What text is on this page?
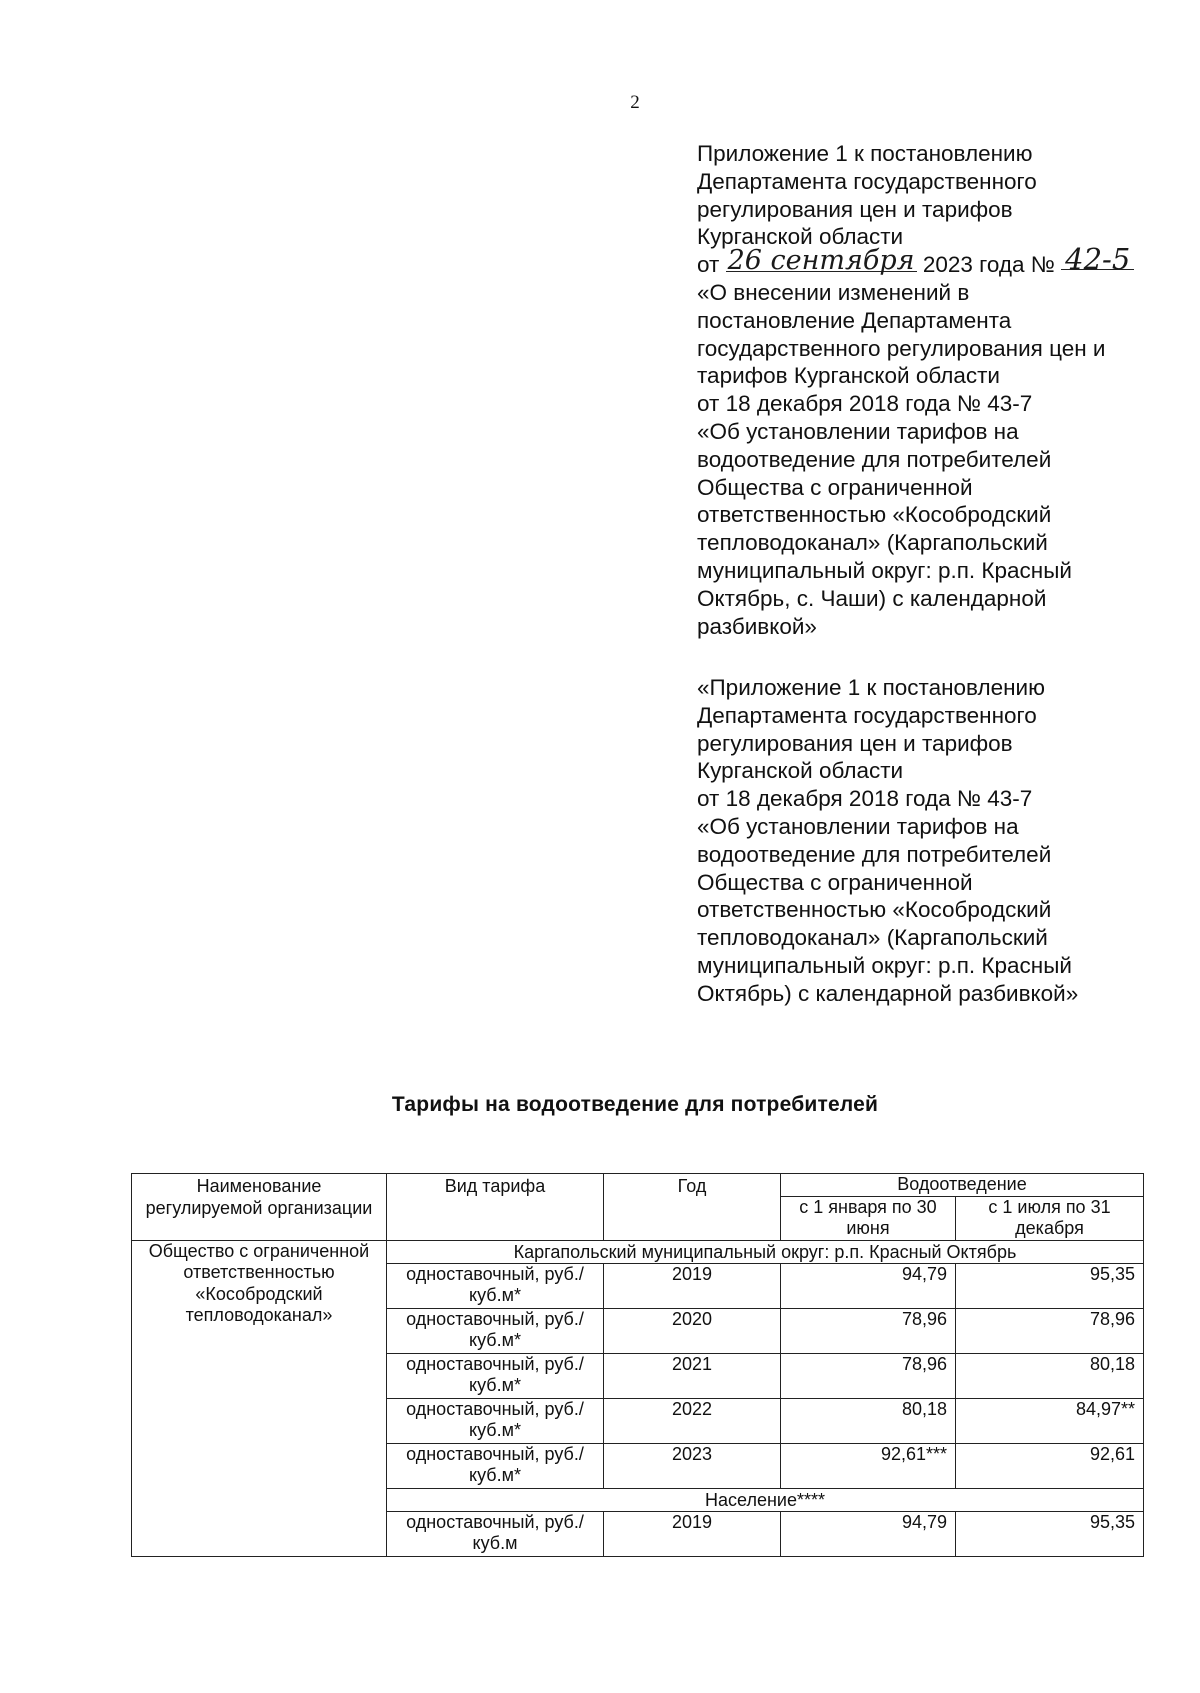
2
Приложение 1 к постановлению
Департамента государственного
регулирования цен и тарифов
Курганской области
от 26 сентября 2023 года № 42-5
«О внесении изменений в
постановление Департамента
государственного регулирования цен и
тарифов Курганской области
от 18 декабря 2018 года № 43-7
«Об установлении тарифов на
водоотведение для потребителей
Общества с ограниченной
ответственностью «Кособродский
тепловодоканал» (Каргапольский
муниципальный округ: р.п. Красный
Октябрь, с. Чаши) с календарной
разбивкой»
«Приложение 1 к постановлению
Департамента государственного
регулирования цен и тарифов
Курганской области
от 18 декабря 2018 года № 43-7
«Об установлении тарифов на
водоотведение для потребителей
Общества с ограниченной
ответственностью «Кособродский
тепловодоканал» (Каргапольский
муниципальный округ: р.п. Красный
Октябрь) с календарной разбивкой»
Тарифы на водоотведение для потребителей
Наименование регулируемой организации	Вид тарифа	Год	Водоотведение	
			с 1 января по 30 июня	с 1 июля по 31 декабря
Общество с ограниченной ответственностью «Кособродский тепловодоканал»	Каргапольский муниципальный округ: р.п. Красный Октябрь			
	одноставочный, руб./куб.м*	2019	94,79	95,35
	одноставочный, руб./куб.м*	2020	78,96	78,96
	одноставочный, руб./куб.м*	2021	78,96	80,18
	одноставочный, руб./куб.м*	2022	80,18	84,97**
	одноставочный, руб./куб.м*	2023	92,61***	92,61
	Население****			
	одноставочный, руб./куб.м	2019	94,79	95,35
